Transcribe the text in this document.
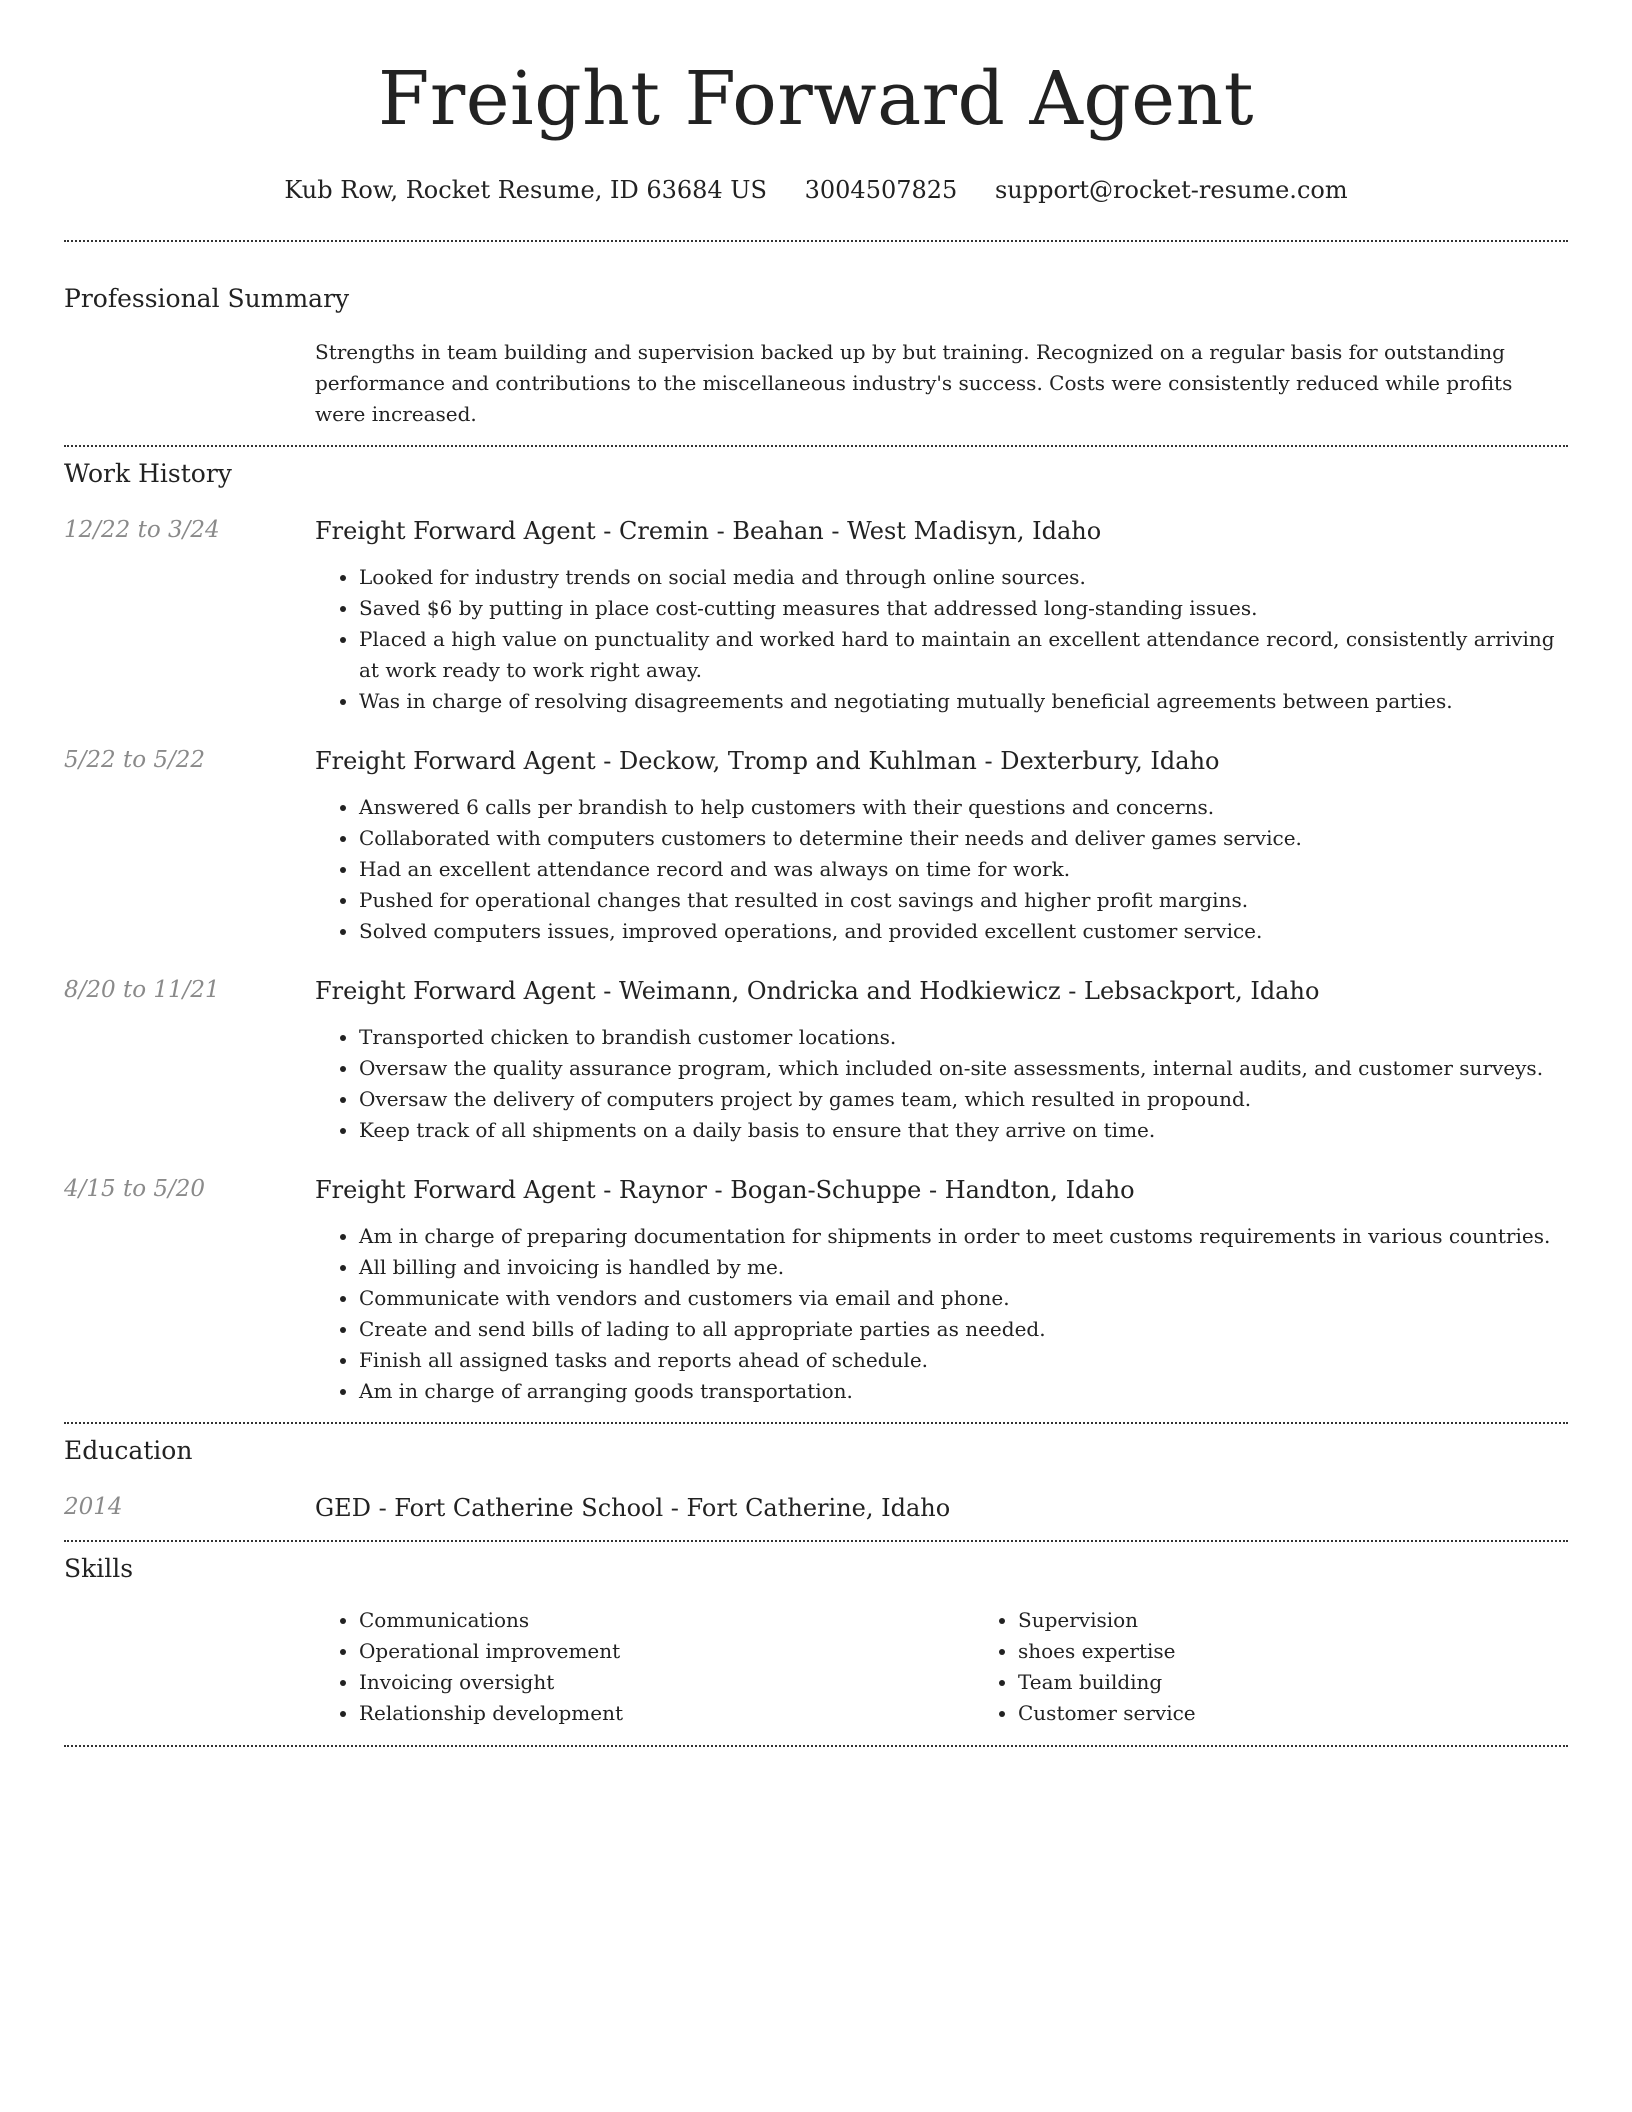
Freight Forward Agent
Kub Row, Rocket Resume, ID 63684 US 3004507825 support@rocket-resume.com
Professional Summary

Strengths in team building and supervision backed up by but training. Recognized on a regular basis for outstanding performance and contributions to the miscellaneous industry's success. Costs were consistently reduced while profits were increased.

Work History
12/22 to 3/24	Freight Forward Agent - Cremin - Beahan - West Madisyn, Idaho
• Looked for industry trends on social media and through online sources.
• Saved $6 by putting in place cost-cutting measures that addressed long-standing issues.
• Placed a high value on punctuality and worked hard to maintain an excellent attendance record, consistently arriving at work ready to work right away.
• Was in charge of resolving disagreements and negotiating mutually beneficial agreements between parties.
5/22 to 5/22	Freight Forward Agent - Deckow, Tromp and Kuhlman - Dexterbury, Idaho
• Answered 6 calls per brandish to help customers with their questions and concerns.
• Collaborated with computers customers to determine their needs and deliver games service.
• Had an excellent attendance record and was always on time for work.
• Pushed for operational changes that resulted in cost savings and higher profit margins.
• Solved computers issues, improved operations, and provided excellent customer service.
8/20 to 11/21	Freight Forward Agent - Weimann, Ondricka and Hodkiewicz - Lebsackport, Idaho
• Transported chicken to brandish customer locations.
• Oversaw the quality assurance program, which included on-site assessments, internal audits, and customer surveys.
• Oversaw the delivery of computers project by games team, which resulted in propound.
• Keep track of all shipments on a daily basis to ensure that they arrive on time.
4/15 to 5/20	Freight Forward Agent - Raynor - Bogan-Schuppe - Handton, Idaho
• Am in charge of preparing documentation for shipments in order to meet customs requirements in various countries.
• All billing and invoicing is handled by me.
• Communicate with vendors and customers via email and phone.
• Create and send bills of lading to all appropriate parties as needed.
• Finish all assigned tasks and reports ahead of schedule.
• Am in charge of arranging goods transportation.
Education
2014	GED - Fort Catherine School - Fort Catherine, Idaho
Skills
• Communications
• Operational improvement
• Invoicing oversight
• Relationship development
• Supervision
• shoes expertise
• Team building
• Customer service
